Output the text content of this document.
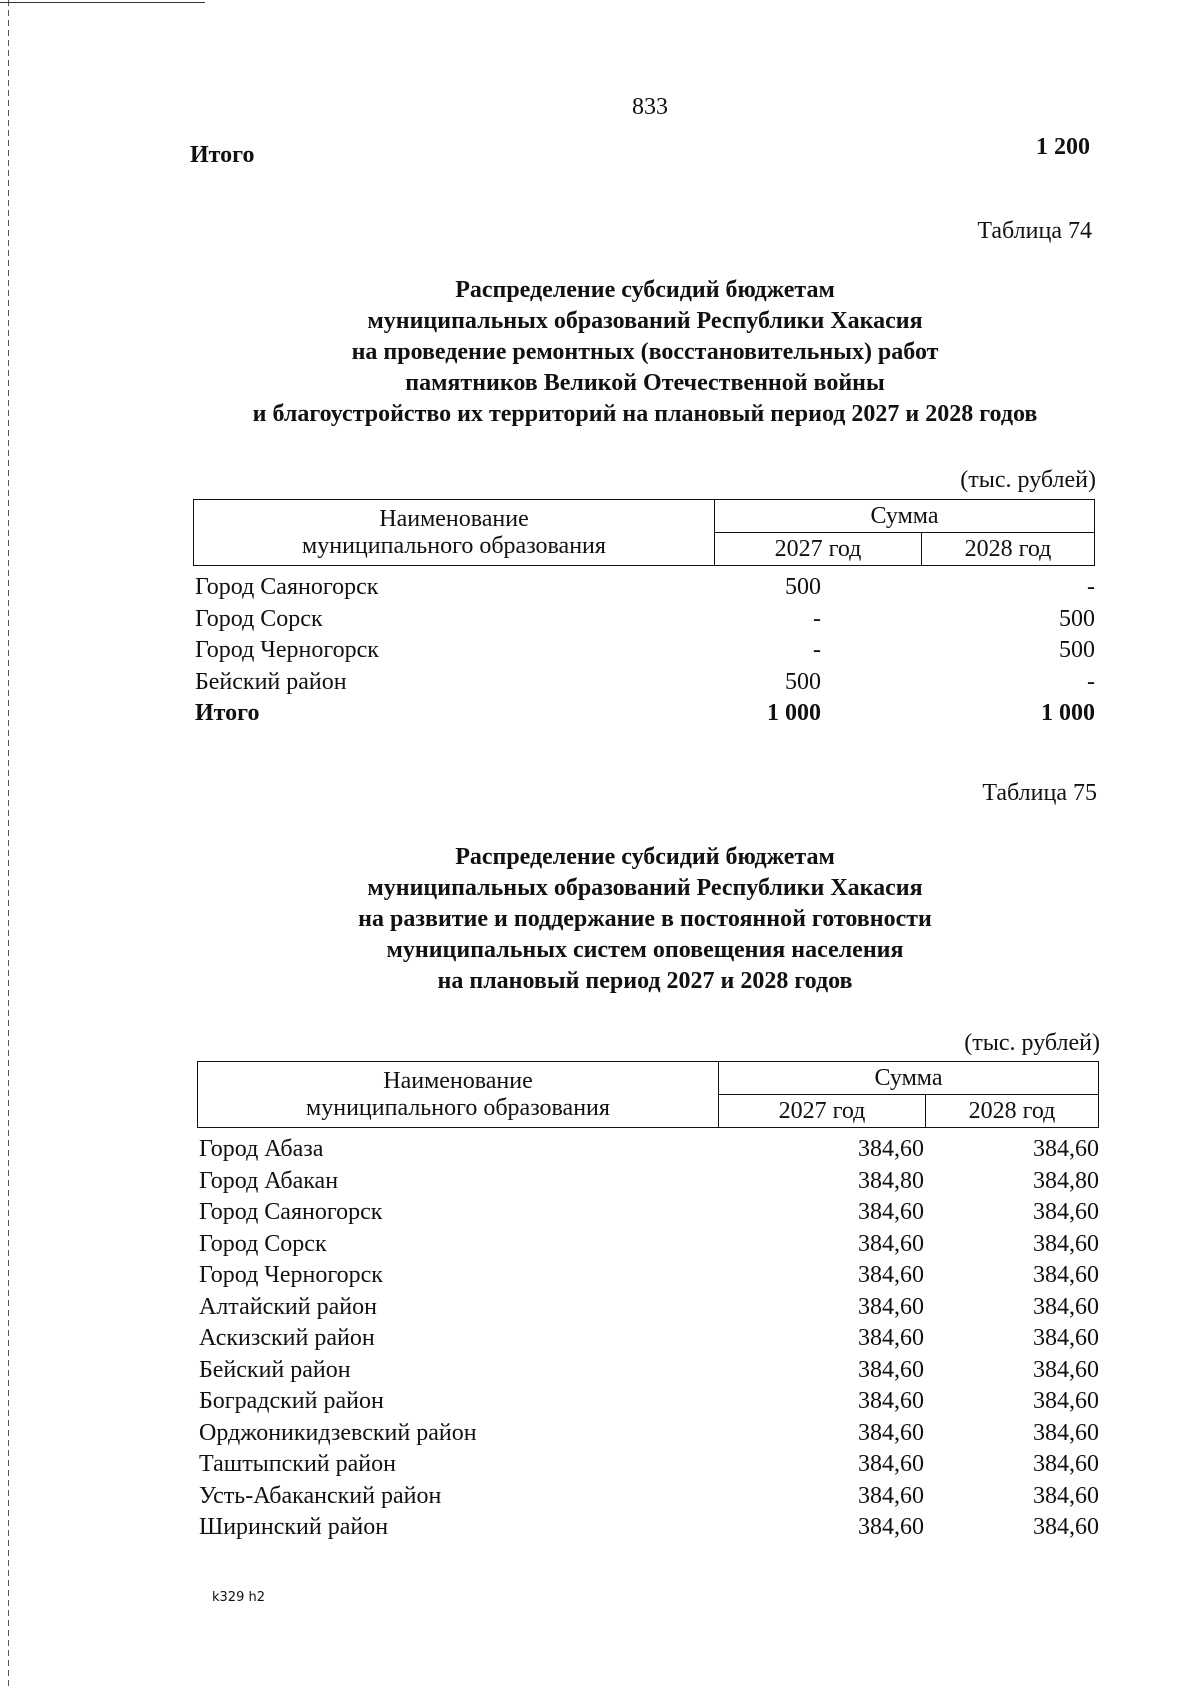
833
Итого	1 200
Таблица 74
Распределение субсидий бюджетам
муниципальных образований Республики Хакасия
на проведение ремонтных (восстановительных) работ
памятников Великой Отечественной войны
и благоустройство их территорий на плановый период 2027 и 2028 годов
(тыс. рублей)
Наименование
муниципального образования	Сумма	
	2027 год	2028 год
Город Саяногорск	500	-
Город Сорск	-	500
Город Черногорск	-	500
Бейский район	500	-
Итого	1 000	1 000
Таблица 75
Распределение субсидий бюджетам
муниципальных образований Республики Хакасия
на развитие и поддержание в постоянной готовности
муниципальных систем оповещения населения
на плановый период 2027 и 2028 годов
(тыс. рублей)
Наименование
муниципального образования	Сумма	
	2027 год	2028 год
Город Абаза	384,60	384,60
Город Абакан	384,80	384,80
Город Саяногорск	384,60	384,60
Город Сорск	384,60	384,60
Город Черногорск	384,60	384,60
Алтайский район	384,60	384,60
Аскизский район	384,60	384,60
Бейский район	384,60	384,60
Боградский район	384,60	384,60
Орджоникидзевский район	384,60	384,60
Таштыпский район	384,60	384,60
Усть-Абаканский район	384,60	384,60
Ширинский район	384,60	384,60
k329 h2
